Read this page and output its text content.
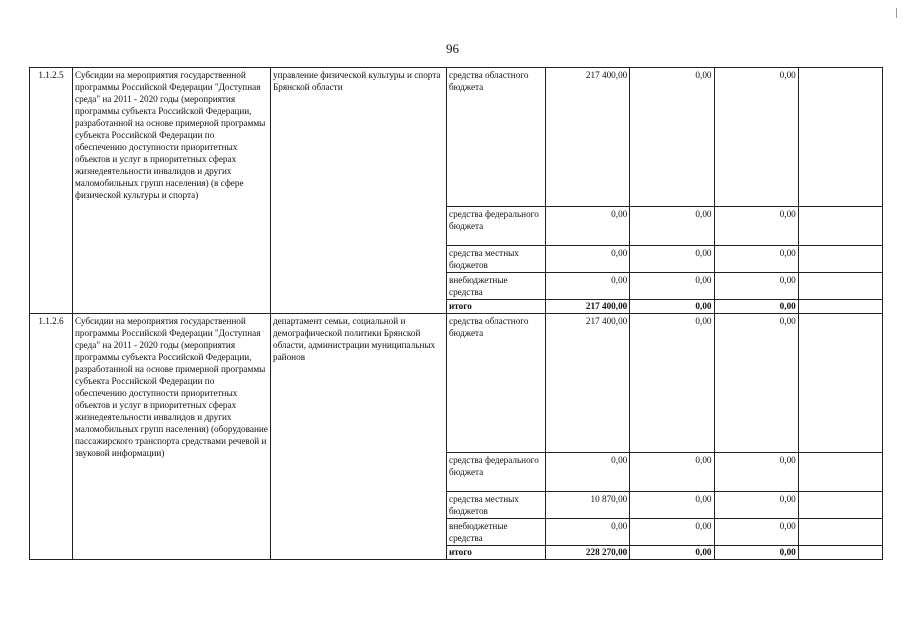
96
1.1.2.5	Субсидии на мероприятия государственной программы Российской Федерации "Доступная среда" на 2011 - 2020 годы (мероприятия программы субъекта Российской Федерации, разработанной на основе примерной программы субъекта Российской Федерации по обеспечению доступности приоритетных объектов и услуг в приоритетных сферах жизнедеятельности инвалидов и других маломобильных групп населения) (в сфере физической культуры и спорта)	управление физической культуры и спорта Брянской области	средства областного бюджета	217 400,00	0,00	0,00	
			средства федерального бюджета	0,00	0,00	0,00	
			средства местных бюджетов	0,00	0,00	0,00	
			внебюджетные средства	0,00	0,00	0,00	
			итого	217 400,00	0,00	0,00	
1.1.2.6	Субсидии на мероприятия государственной программы Российской Федерации "Доступная среда" на 2011 - 2020 годы (мероприятия программы субъекта Российской Федерации, разработанной на основе примерной программы субъекта Российской Федерации по обеспечению доступности приоритетных объектов и услуг в приоритетных сферах жизнедеятельности инвалидов и других маломобильных групп населения) (оборудование пассажирского транспорта средствами речевой и звуковой информации)	департамент семьи, социальной и демографической политики Брянской области, администрации муниципальных районов	средства областного бюджета	217 400,00	0,00	0,00	
			средства федерального бюджета	0,00	0,00	0,00	
			средства местных бюджетов	10 870,00	0,00	0,00	
			внебюджетные средства	0,00	0,00	0,00	
			итого	228 270,00	0,00	0,00	
